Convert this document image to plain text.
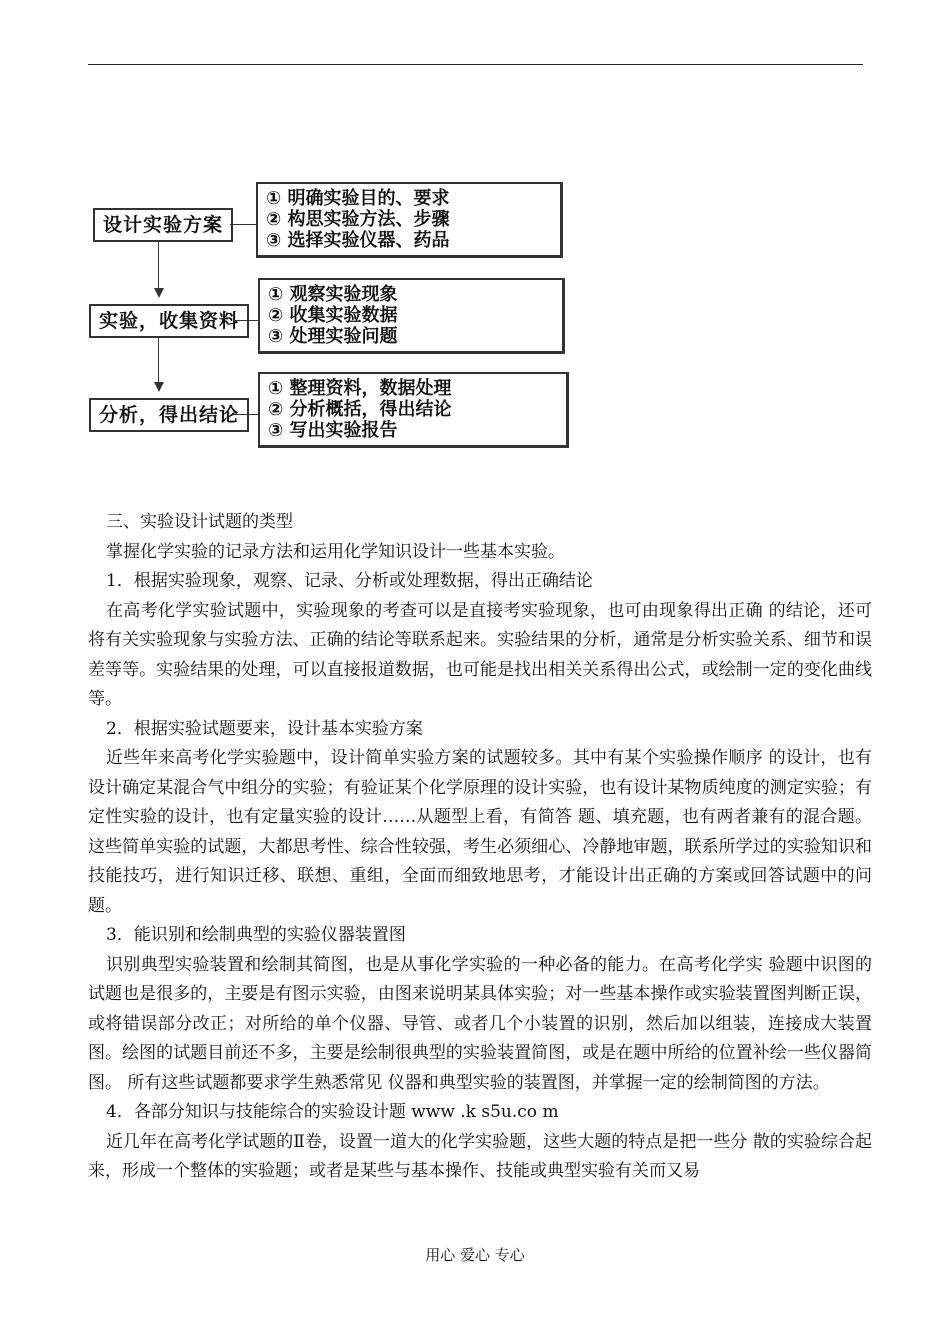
设计实验方案
① 明确实验目的、要求
② 构思实验方法、步骤
③ 选择实验仪器、药品
实验，收集资料
① 观察实验现象
② 收集实验数据
③ 处理实验问题
分析，得出结论
① 整理资料，数据处理
② 分析概括，得出结论
③ 写出实验报告

三、实验设计试题的类型

掌握化学实验的记录方法和运用化学知识设计一些基本实验。

1．根据实验现象，观察、记录、分析或处理数据，得出正确结论

在高考化学实验试题中，实验现象的考查可以是直接考实验现象，也可由现象得出正确 的结论，还可将有关实验现象与实验方法、正确的结论等联系起来。实验结果的分析，通常是分析实验关系、细节和误差等等。实验结果的处理，可以直接报道数据，也可能是找出相关关系得出公式，或绘制一定的变化曲线等。

2．根据实验试题要来，设计基本实验方案

近些年来高考化学实验题中，设计简单实验方案的试题较多。其中有某个实验操作顺序 的设计，也有设计确定某混合气中组分的实验；有验证某个化学原理的设计实验，也有设计某物质纯度的测定实验；有定性实验的设计，也有定量实验的设计……从题型上看，有简答 题、填充题，也有两者兼有的混合题。这些简单实验的试题，大都思考性、综合性较强，考生必须细心、冷静地审题，联系所学过的实验知识和技能技巧，进行知识迁移、联想、重组，全面而细致地思考，才能设计出正确的方案或回答试题中的问题。

3．能识别和绘制典型的实验仪器装置图

识别典型实验装置和绘制其简图，也是从事化学实验的一种必备的能力。在高考化学实 验题中识图的试题也是很多的，主要是有图示实验，由图来说明某具体实验；对一些基本操作或实验装置图判断正误，或将错误部分改正；对所给的单个仪器、导管、或者几个小装置的识别，然后加以组装，连接成大装置图。绘图的试题目前还不多，主要是绘制很典型的实验装置简图，或是在题中所给的位置补绘一些仪器简图。 所有这些试题都要求学生熟悉常见 仪器和典型实验的装置图，并掌握一定的绘制简图的方法。

4．各部分知识与技能综合的实验设计题 www .k s5u.co m

近几年在高考化学试题的Ⅱ卷，设置一道大的化学实验题，这些大题的特点是把一些分 散的实验综合起来，形成一个整体的实验题；或者是某些与基本操作、技能或典型实验有关而又易

用心 爱心 专心
